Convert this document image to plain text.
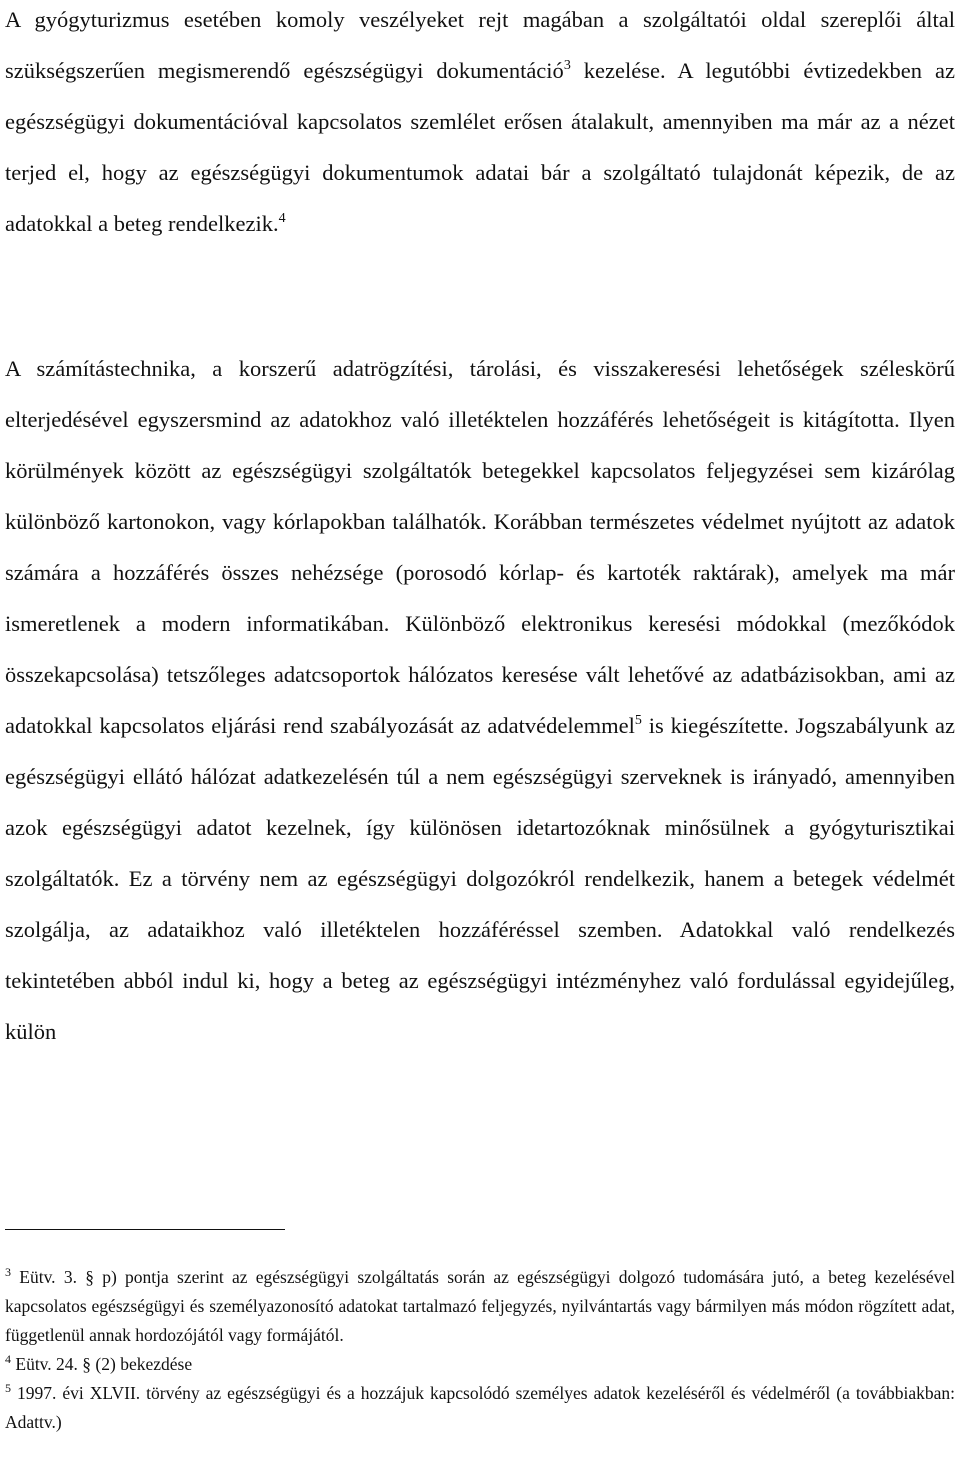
A gyógyturizmus esetében komoly veszélyeket rejt magában a szolgáltatói oldal szereplői által szükségszerűen megismerendő egészségügyi dokumentáció$^3$ kezelése. A legutóbbi évtizedekben az egészségügyi dokumentációval kapcsolatos szemlélet erősen átalakult, amennyiben ma már az a nézet terjed el, hogy az egészségügyi dokumentumok adatai bár a szolgáltató tulajdonát képezik, de az adatokkal a beteg rendelkezik.$^4$

A számítástechnika, a korszerű adatrögzítési, tárolási, és visszakeresési lehetőségek széleskörű elterjedésével egyszersmind az adatokhoz való illetéktelen hozzáférés lehetőségeit is kitágította. Ilyen körülmények között az egészségügyi szolgáltatók betegekkel kapcsolatos feljegyzései sem kizárólag különböző kartonokon, vagy kórlapokban találhatók. Korábban természetes védelmet nyújtott az adatok számára a hozzáférés összes nehézsége (porosodó kórlap- és kartoték raktárak), amelyek ma már ismeretlenek a modern informatikában. Különböző elektronikus keresési módokkal (mezőkódok összekapcsolása) tetszőleges adatcsoportok hálózatos keresése vált lehetővé az adatbázisokban, ami az adatokkal kapcsolatos eljárási rend szabályozását az adatvédelemmel$^5$ is kiegészítette. Jogszabályunk az egészségügyi ellátó hálózat adatkezelésén túl a nem egészségügyi szerveknek is irányadó, amennyiben azok egészségügyi adatot kezelnek, így különösen idetartozóknak minősülnek a gyógyturisztikai szolgáltatók. Ez a törvény nem az egészségügyi dolgozókról rendelkezik, hanem a betegek védelmét szolgálja, az adataikhoz való illetéktelen hozzáféréssel szemben. Adatokkal való rendelkezés tekintetében abból indul ki, hogy a beteg az egészségügyi intézményhez való fordulással egyidejűleg, külön

$^3$ Eütv. 3. § p) pontja szerint az egészségügyi szolgáltatás során az egészségügyi dolgozó tudomására jutó, a beteg kezelésével kapcsolatos egészségügyi és személyazonosító adatokat tartalmazó feljegyzés, nyilvántartás vagy bármilyen más módon rögzített adat, függetlenül annak hordozójától vagy formájától.

$^4$ Eütv. 24. § (2) bekezdése

$^5$ 1997. évi XLVII. törvény az egészségügyi és a hozzájuk kapcsolódó személyes adatok kezeléséről és védelméről (a továbbiakban: Adattv.)
